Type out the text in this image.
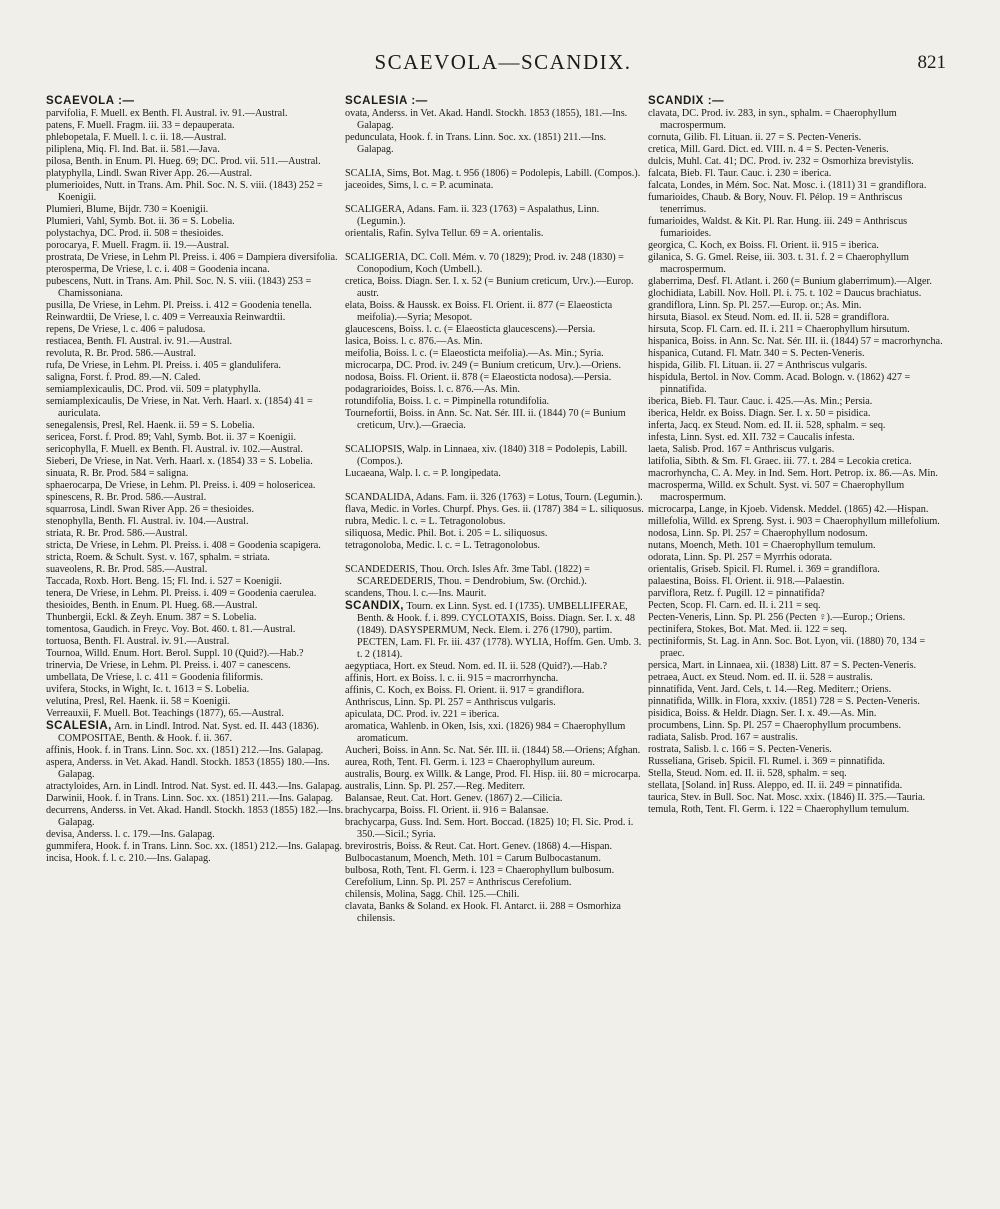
SCAEVOLA—SCANDIX.	821

SCAEVOLA :—

parvifolia, F. Muell. ex Benth. Fl. Austral. iv. 91.—Austral.

patens, F. Muell. Fragm. iii. 33 = depauperata.

phlebopetala, F. Muell. l. c. ii. 18.—Austral.

piliplena, Miq. Fl. Ind. Bat. ii. 581.—Java.

pilosa, Benth. in Enum. Pl. Hueg. 69; DC. Prod. vii. 511.—Austral.

platyphylla, Lindl. Swan River App. 26.—Austral.

plumerioides, Nutt. in Trans. Am. Phil. Soc. N. S. viii. (1843) 252 = Koenigii.

Plumieri, Blume, Bijdr. 730 = Koenigii.

Plumieri, Vahl, Symb. Bot. ii. 36 = S. Lobelia.

polystachya, DC. Prod. ii. 508 = thesioides.

porocarya, F. Muell. Fragm. ii. 19.—Austral.

prostrata, De Vriese, in Lehm Pl. Preiss. i. 406 = Dampiera diversifolia.

pterosperma, De Vriese, l. c. i. 408 = Goodenia incana.

pubescens, Nutt. in Trans. Am. Phil. Soc. N. S. viii. (1843) 253 = Chamissoniana.

pusilla, De Vriese, in Lehm. Pl. Preiss. i. 412 = Goodenia tenella.

Reinwardtii, De Vriese, l. c. 409 = Verreauxia Reinwardtii.

repens, De Vriese, l. c. 406 = paludosa.

restiacea, Benth. Fl. Austral. iv. 91.—Austral.

revoluta, R. Br. Prod. 586.—Austral.

rufa, De Vriese, in Lehm. Pl. Preiss. i. 405 = glandulifera.

saligna, Forst. f. Prod. 89.—N. Caled.

semiamplexicaulis, DC. Prod. vii. 509 = platyphylla.

semiamplexicaulis, De Vriese, in Nat. Verh. Haarl. x. (1854) 41 = auriculata.

senegalensis, Presl, Rel. Haenk. ii. 59 = S. Lobelia.

sericea, Forst. f. Prod. 89; Vahl, Symb. Bot. ii. 37 = Koenigii.

sericophylla, F. Muell. ex Benth. Fl. Austral. iv. 102.—Austral.

Sieberi, De Vriese, in Nat. Verh. Haarl. x. (1854) 33 = S. Lobelia.

sinuata, R. Br. Prod. 584 = saligna.

sphaerocarpa, De Vriese, in Lehm. Pl. Preiss. i. 409 = holosericea.

spinescens, R. Br. Prod. 586.—Austral.

squarrosa, Lindl. Swan River App. 26 = thesioides.

stenophylla, Benth. Fl. Austral. iv. 104.—Austral.

striata, R. Br. Prod. 586.—Austral.

stricta, De Vriese, in Lehm. Pl. Preiss. i. 408 = Goodenia scapigera.

stricta, Roem. & Schult. Syst. v. 167, sphalm. = striata.

suaveolens, R. Br. Prod. 585.—Austral.

Taccada, Roxb. Hort. Beng. 15; Fl. Ind. i. 527 = Koenigii.

tenera, De Vriese, in Lehm. Pl. Preiss. i. 409 = Goodenia caerulea.

thesioides, Benth. in Enum. Pl. Hueg. 68.—Austral.

Thunbergii, Eckl. & Zeyh. Enum. 387 = S. Lobelia.

tomentosa, Gaudich. in Freyc. Voy. Bot. 460. t. 81.—Austral.

tortuosa, Benth. Fl. Austral. iv. 91.—Austral.

Tournoa, Willd. Enum. Hort. Berol. Suppl. 10 (Quid?).—Hab.?

trinervia, De Vriese, in Lehm. Pl. Preiss. i. 407 = canescens.

umbellata, De Vriese, l. c. 411 = Goodenia filiformis.

uvifera, Stocks, in Wight, Ic. t. 1613 = S. Lobelia.

velutina, Presl, Rel. Haenk. ii. 58 = Koenigii.

Verreauxii, F. Muell. Bot. Teachings (1877), 65.—Austral.

SCALESIA, Arn. in Lindl. Introd. Nat. Syst. ed. II. 443 (1836). COMPOSITAE, Benth. & Hook. f. ii. 367.

affinis, Hook. f. in Trans. Linn. Soc. xx. (1851) 212.—Ins. Galapag.

aspera, Anderss. in Vet. Akad. Handl. Stockh. 1853 (1855) 180.—Ins. Galapag.

atractyloides, Arn. in Lindl. Introd. Nat. Syst. ed. II. 443.—Ins. Galapag.

Darwinii, Hook. f. in Trans. Linn. Soc. xx. (1851) 211.—Ins. Galapag.

decurrens, Anderss. in Vet. Akad. Handl. Stockh. 1853 (1855) 182.—Ins. Galapag.

devisa, Anderss. l. c. 179.—Ins. Galapag.

gummifera, Hook. f. in Trans. Linn. Soc. xx. (1851) 212.—Ins. Galapag.

incisa, Hook. f. l. c. 210.—Ins. Galapag.

SCALESIA :—

ovata, Anderss. in Vet. Akad. Handl. Stockh. 1853 (1855), 181.—Ins. Galapag.

pedunculata, Hook. f. in Trans. Linn. Soc. xx. (1851) 211.—Ins. Galapag.

SCALIA, Sims, Bot. Mag. t. 956 (1806) = Podolepis, Labill. (Compos.).

jaceoides, Sims, l. c. = P. acuminata.

SCALIGERA, Adans. Fam. ii. 323 (1763) = Aspalathus, Linn. (Legumin.).

orientalis, Rafin. Sylva Tellur. 69 = A. orientalis.

SCALIGERIA, DC. Coll. Mém. v. 70 (1829); Prod. iv. 248 (1830) = Conopodium, Koch (Umbell.).

cretica, Boiss. Diagn. Ser. I. x. 52 (= Bunium creticum, Urv.).—Europ. austr.

elata, Boiss. & Haussk. ex Boiss. Fl. Orient. ii. 877 (= Elaeosticta meifolia).—Syria; Mesopot.

glaucescens, Boiss. l. c. (= Elaeosticta glaucescens).—Persia.

lasica, Boiss. l. c. 876.—As. Min.

meifolia, Boiss. l. c. (= Elaeosticta meifolia).—As. Min.; Syria.

microcarpa, DC. Prod. iv. 249 (= Bunium creticum, Urv.).—Oriens.

nodosa, Boiss. Fl. Orient. ii. 878 (= Elaeosticta nodosa).—Persia.

podagrarioides, Boiss. l. c. 876.—As. Min.

rotundifolia, Boiss. l. c. = Pimpinella rotundifolia.

Tournefortii, Boiss. in Ann. Sc. Nat. Sér. III. ii. (1844) 70 (= Bunium creticum, Urv.).—Graecia.

SCALIOPSIS, Walp. in Linnaea, xiv. (1840) 318 = Podolepis, Labill. (Compos.).

Lucaeana, Walp. l. c. = P. longipedata.

SCANDALIDA, Adans. Fam. ii. 326 (1763) = Lotus, Tourn. (Legumin.).

flava, Medic. in Vorles. Churpf. Phys. Ges. ii. (1787) 384 = L. siliquosus.

rubra, Medic. l. c. = L. Tetragonolobus.

siliquosa, Medic. Phil. Bot. i. 205 = L. siliquosus.

tetragonoloba, Medic. l. c. = L. Tetragonolobus.

SCANDEDERIS, Thou. Orch. Isles Afr. 3me Tabl. (1822) = SCAREDEDERIS, Thou. = Dendrobium, Sw. (Orchid.).

scandens, Thou. l. c.—Ins. Maurit.

SCANDIX, Tourn. ex Linn. Syst. ed. I (1735). UMBELLIFERAE, Benth. & Hook. f. i. 899. CYCLOTAXIS, Boiss. Diagn. Ser. I. x. 48 (1849). DASYSPERMUM, Neck. Elem. i. 276 (1790), partim. PECTEN, Lam. Fl. Fr. iii. 437 (1778). WYLIA, Hoffm. Gen. Umb. 3. t. 2 (1814).

aegyptiaca, Hort. ex Steud. Nom. ed. II. ii. 528 (Quid?).—Hab.?

affinis, Hort. ex Boiss. l. c. ii. 915 = macrorrhyncha.

affinis, C. Koch, ex Boiss. Fl. Orient. ii. 917 = grandiflora.

Anthriscus, Linn. Sp. Pl. 257 = Anthriscus vulgaris.

apiculata, DC. Prod. iv. 221 = iberica.

aromatica, Wahlenb. in Oken, Isis, xxi. (1826) 984 = Chaerophyllum aromaticum.

Aucheri, Boiss. in Ann. Sc. Nat. Sér. III. ii. (1844) 58.—Oriens; Afghan.

aurea, Roth, Tent. Fl. Germ. i. 123 = Chaerophyllum aureum.

australis, Bourg. ex Willk. & Lange, Prod. Fl. Hisp. iii. 80 = microcarpa.

australis, Linn. Sp. Pl. 257.—Reg. Mediterr.

Balansae, Reut. Cat. Hort. Genev. (1867) 2.—Cilicia.

brachycarpa, Boiss. Fl. Orient. ii. 916 = Balansae.

brachycarpa, Guss. Ind. Sem. Hort. Boccad. (1825) 10; Fl. Sic. Prod. i. 350.—Sicil.; Syria.

brevirostris, Boiss. & Reut. Cat. Hort. Genev. (1868) 4.—Hispan.

Bulbocastanum, Moench, Meth. 101 = Carum Bulbocastanum.

bulbosa, Roth, Tent. Fl. Germ. i. 123 = Chaerophyllum bulbosum.

Cerefolium, Linn. Sp. Pl. 257 = Anthriscus Cerefolium.

chilensis, Molina, Sagg. Chil. 125.—Chili.

clavata, Banks & Soland. ex Hook. Fl. Antarct. ii. 288 = Osmorhiza chilensis.

SCANDIX :—

clavata, DC. Prod. iv. 283, in syn., sphalm. = Chaerophyllum macrospermum.

cornuta, Gilib. Fl. Lituan. ii. 27 = S. Pecten-Veneris.

cretica, Mill. Gard. Dict. ed. VIII. n. 4 = S. Pecten-Veneris.

dulcis, Muhl. Cat. 41; DC. Prod. iv. 232 = Osmorhiza brevistylis.

falcata, Bieb. Fl. Taur. Cauc. i. 230 = iberica.

falcata, Londes, in Mém. Soc. Nat. Mosc. i. (1811) 31 = grandiflora.

fumarioides, Chaub. & Bory, Nouv. Fl. Pélop. 19 = Anthriscus tenerrimus.

fumarioides, Waldst. & Kit. Pl. Rar. Hung. iii. 249 = Anthriscus fumarioides.

georgica, C. Koch, ex Boiss. Fl. Orient. ii. 915 = iberica.

gilanica, S. G. Gmel. Reise, iii. 303. t. 31. f. 2 = Chaerophyllum macrospermum.

glaberrima, Desf. Fl. Atlant. i. 260 (= Bunium glaberrimum).—Alger.

glochidiata, Labill. Nov. Holl. Pl. i. 75. t. 102 = Daucus brachiatus.

grandiflora, Linn. Sp. Pl. 257.—Europ. or.; As. Min.

hirsuta, Biasol. ex Steud. Nom. ed. II. ii. 528 = grandiflora.

hirsuta, Scop. Fl. Carn. ed. II. i. 211 = Chaerophyllum hirsutum.

hispanica, Boiss. in Ann. Sc. Nat. Sér. III. ii. (1844) 57 = macrorhyncha.

hispanica, Cutand. Fl. Matr. 340 = S. Pecten-Veneris.

hispida, Gilib. Fl. Lituan. ii. 27 = Anthriscus vulgaris.

hispidula, Bertol. in Nov. Comm. Acad. Bologn. v. (1862) 427 = pinnatifida.

iberica, Bieb. Fl. Taur. Cauc. i. 425.—As. Min.; Persia.

iberica, Heldr. ex Boiss. Diagn. Ser. I. x. 50 = pisidica.

inferta, Jacq. ex Steud. Nom. ed. II. ii. 528, sphalm. = seq.

infesta, Linn. Syst. ed. XII. 732 = Caucalis infesta.

laeta, Salisb. Prod. 167 = Anthriscus vulgaris.

latifolia, Sibth. & Sm. Fl. Graec. iii. 77. t. 284 = Lecokia cretica.

macrorhyncha, C. A. Mey. in Ind. Sem. Hort. Petrop. ix. 86.—As. Min.

macrosperma, Willd. ex Schult. Syst. vi. 507 = Chaerophyllum macrospermum.

microcarpa, Lange, in Kjoeb. Vidensk. Meddel. (1865) 42.—Hispan.

millefolia, Willd. ex Spreng. Syst. i. 903 = Chaerophyllum millefolium.

nodosa, Linn. Sp. Pl. 257 = Chaerophyllum nodosum.

nutans, Moench, Meth. 101 = Chaerophyllum temulum.

odorata, Linn. Sp. Pl. 257 = Myrrhis odorata.

orientalis, Griseb. Spicil. Fl. Rumel. i. 369 = grandiflora.

palaestina, Boiss. Fl. Orient. ii. 918.—Palaestin.

parviflora, Retz. f. Pugill. 12 = pinnatifida?

Pecten, Scop. Fl. Carn. ed. II. i. 211 = seq.

Pecten-Veneris, Linn. Sp. Pl. 256 (Pecten ♀).—Europ.; Oriens.

pectinifera, Stokes, Bot. Mat. Med. ii. 122 = seq.

pectiniformis, St. Lag. in Ann. Soc. Bot. Lyon, vii. (1880) 70, 134 = praec.

persica, Mart. in Linnaea, xii. (1838) Litt. 87 = S. Pecten-Veneris.

petraea, Auct. ex Steud. Nom. ed. II. ii. 528 = australis.

pinnatifida, Vent. Jard. Cels, t. 14.—Reg. Mediterr.; Oriens.

pinnatifida, Willk. in Flora, xxxiv. (1851) 728 = S. Pecten-Veneris.

pisidica, Boiss. & Heldr. Diagn. Ser. I. x. 49.—As. Min.

procumbens, Linn. Sp. Pl. 257 = Chaerophyllum procumbens.

radiata, Salisb. Prod. 167 = australis.

rostrata, Salisb. l. c. 166 = S. Pecten-Veneris.

Russeliana, Griseb. Spicil. Fl. Rumel. i. 369 = pinnatifida.

Stella, Steud. Nom. ed. II. ii. 528, sphalm. = seq.

stellata, [Soland. in] Russ. Aleppo, ed. II. ii. 249 = pinnatifida.

taurica, Stev. in Bull. Soc. Nat. Mosc. xxix. (1846) II. 3?5.—Tauria.

temula, Roth, Tent. Fl. Germ. i. 122 = Chaerophyllum temulum.
